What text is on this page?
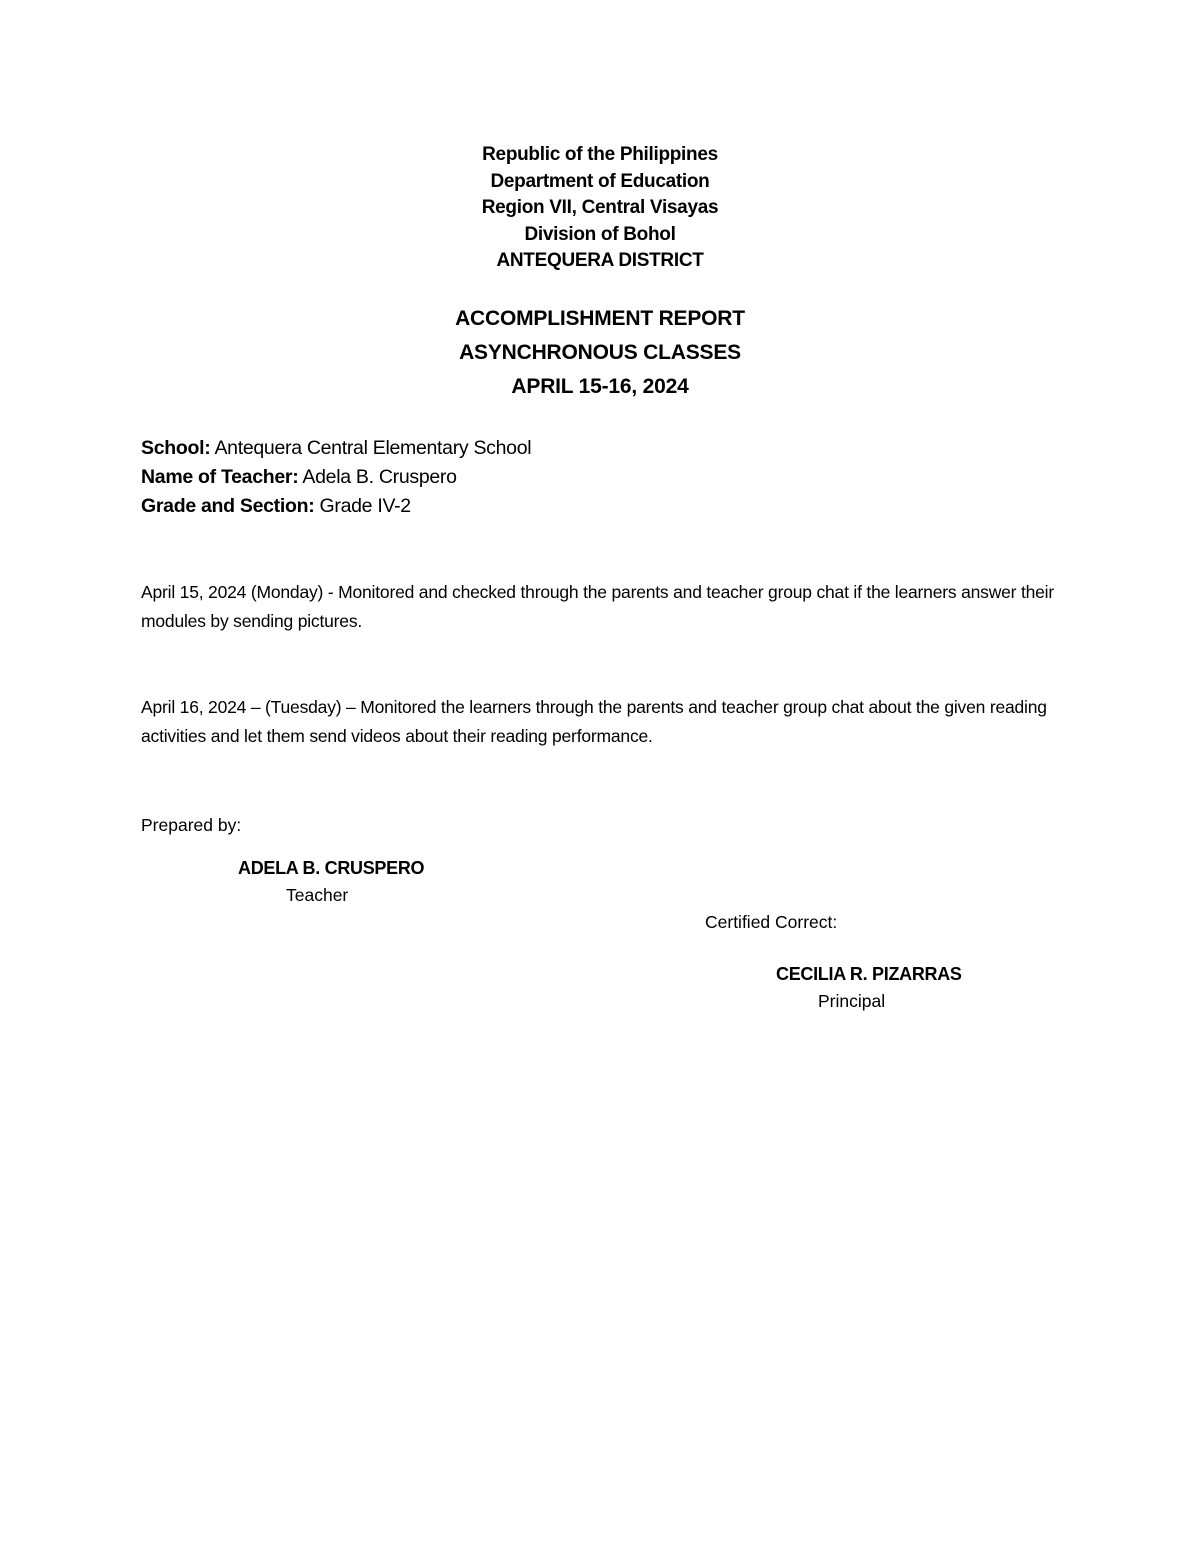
Republic of the Philippines
Department of Education
Region VII, Central Visayas
Division of Bohol
ANTEQUERA DISTRICT
ACCOMPLISHMENT REPORT
ASYNCHRONOUS CLASSES
APRIL 15-16, 2024
School: Antequera Central Elementary School
Name of Teacher: Adela B. Cruspero
Grade and Section: Grade IV-2
April 15, 2024 (Monday) - Monitored and checked through the parents and teacher group chat if the learners answer their modules by sending pictures.
April 16, 2024 – (Tuesday) – Monitored the learners through the parents and teacher group chat about the given reading activities and let them send videos about their reading performance.
Prepared by:
ADELA B. CRUSPERO
Teacher
Certified Correct:
CECILIA R. PIZARRAS
Principal
